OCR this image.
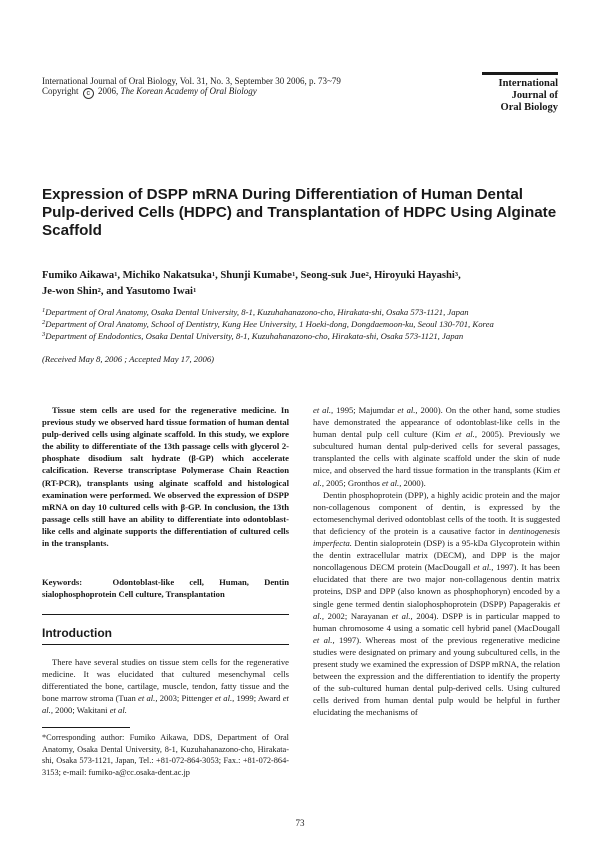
International Journal of Oral Biology, Vol. 31, No. 3, September 30 2006, p. 73~79
Copyright c 2006, The Korean Academy of Oral Biology
International
Journal of
Oral Biology
Expression of DSPP mRNA During Differentiation of Human Dental Pulp-derived Cells (HDPC) and Transplantation of HDPC Using Alginate Scaffold
Fumiko Aikawa$^1$, Michiko Nakatsuka$^1$, Shunji Kumabe$^1$, Seong-suk Jue$^2$, Hiroyuki Hayashi$^3$,
Je-won Shin$^2$, and Yasutomo Iwai$^1$
$^1$Department of Oral Anatomy, Osaka Dental University, 8-1, Kuzuhahanazono-cho, Hirakata-shi, Osaka 573-1121, Japan
$^2$Department of Oral Anatomy, School of Dentistry, Kung Hee University, 1 Hoeki-dong, Dongdaemoon-ku, Seoul 130-701, Korea
$^3$Department of Endodontics, Osaka Dental University, 8-1, Kuzuhahanazono-cho, Hirakata-shi, Osaka 573-1121, Japan
(Received May 8, 2006 ; Accepted May 17, 2006)
Tissue stem cells are used for the regenerative medicine. In previous study we observed hard tissue formation of human dental pulp-derived cells using alginate scaffold. In this study, we explore the ability to differentiate of the 13th passage cells with glycerol 2-phosphate disodium salt hydrate (β-GP) which accelerate calcification. Reverse transcriptase Polymerase Chain Reaction (RT-PCR), transplants using alginate scaffold and histological examination were performed. We observed the expression of DSPP mRNA on day 10 cultured cells with β-GP. In conclusion, the 13th passage cells still have an ability to differentiate into odontoblast-like cells and alginate supports the differentiation of cultured cells in the transplants.
Keywords:	Odontoblast-like cell, Human, Dentin sialophosphoprotein Cell culture, Transplantation
Introduction
There have several studies on tissue stem cells for the regenerative medicine. It was elucidated that cultured mesenchymal cells differentiated the bone, cartilage, muscle, tendon, fatty tissue and the bone marrow stroma (Tuan et al., 2003; Pittenger et al., 1999; Award et al., 2000; Wakitani et al.
*Corresponding author: Fumiko Aikawa, DDS, Department of Oral Anatomy, Osaka Dental University, 8-1, Kuzuhahanazono-cho, Hirakata-shi, Osaka 573-1121, Japan, Tel.: +81-072-864-3053; Fax.: +81-072-864-3153; e-mail: fumiko-a@cc.osaka-dent.ac.jp

et al., 1995; Majumdar et al., 2000). On the other hand, some studies have demonstrated the appearance of odontoblast-like cells in the human dental pulp cell culture (Kim et al., 2005). Previously we subcultured human dental pulp-derived cells for several passages, transplanted the cells with alginate scaffold under the skin of nude mice, and observed the hard tissue formation in the transplants (Kim et al., 2005; Gronthos et al., 2000).

Dentin phosphoprotein (DPP), a highly acidic protein and the major non-collagenous component of dentin, is expressed by the ectomesenchymal derived odontoblast cells of the tooth. It is suggested that deficiency of the protein is a causative factor in dentinogenesis imperfecta. Dentin sialoprotein (DSP) is a 95-kDa Glycoprotein within the dentin extracellular matrix (DECM), and DPP is the major noncollagenous DECM protein (MacDougall et al., 1997). It has been elucidated that there are two major non-collagenous dentin matrix proteins, DSP and DPP (also known as phosphophoryn) encoded by a single gene termed dentin sialophosphoprotein (DSPP) Papagerakis et al., 2002; Narayanan et al., 2004). DSPP is in particular mapped to human chromosome 4 using a somatic cell hybrid panel (MacDougall et al., 1997). Whereas most of the previous regenerative medicine studies were designated on primary and young subcultured cells, in the present study we examined the expression of DSPP mRNA, the relation between the expression and the differentiation to identify the property of the sub-cultured human dental pulp-derived cells. Using cultured cells derived from human dental pulp would be helpful in further elucidating the mechanisms of

73
